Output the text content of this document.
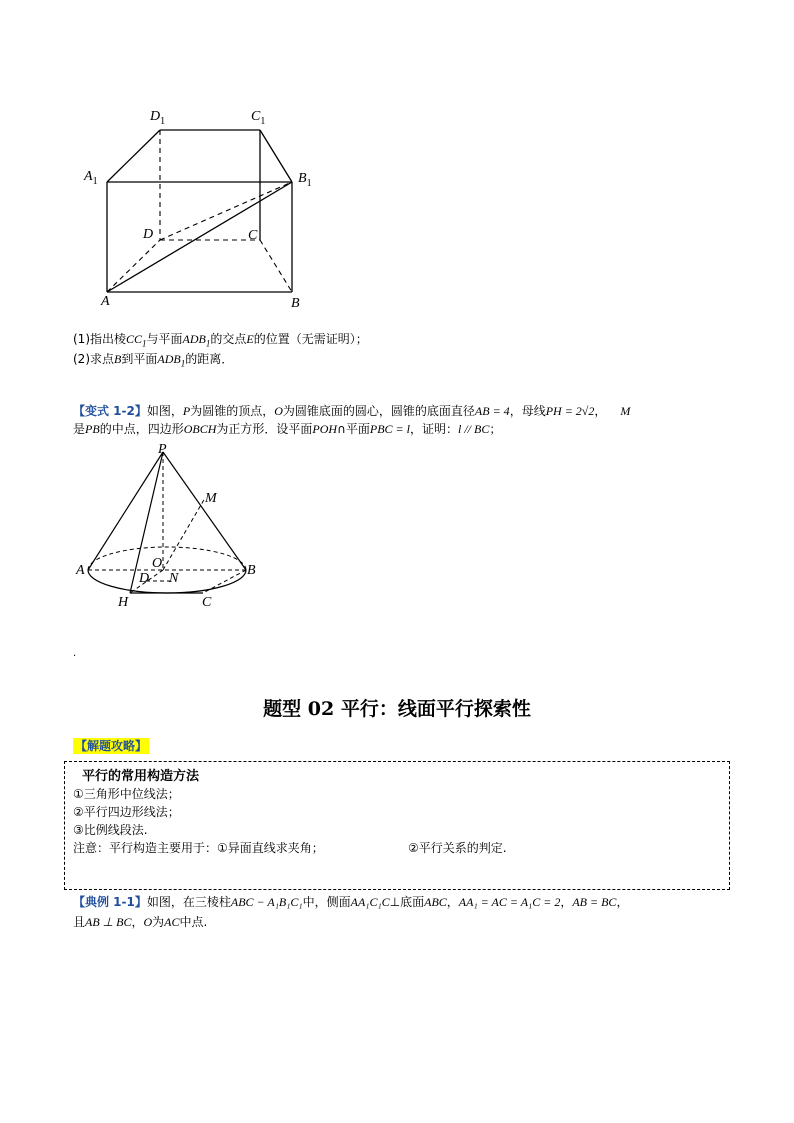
$D_1$	$C_1$
$A_1$	$B_1$
D	C
A	B
(1)指出棱$CC_1$与平面$ADB_1$的交点E的位置（无需证明）；
(2)求点B到平面$ADB_1$的距离．
【变式 1-2】如图，P为圆锥的顶点，O为圆锥底面的圆心，圆锥的底面直径AB = 4，母线PH = 2√2， M
是PB的中点，四边形OBCH为正方形．设平面POH∩平面PBC = l，证明：l // BC；
P
M
A	B
O
D N
H	C
.
题型 02 平行：线面平行探索性
【解题攻略】
平行的常用构造方法
①三角形中位线法；
②平行四边形线法；
③比例线段法.
注意：平行构造主要用于：①异面直线求夹角；	②平行关系的判定.
【典例 1-1】如图，在三棱柱ABC − A₁B₁C₁中，侧面AA₁C₁C⊥底面ABC，AA₁ = AC = A₁C = 2，AB = BC，
且AB ⊥ BC，O为AC中点.
